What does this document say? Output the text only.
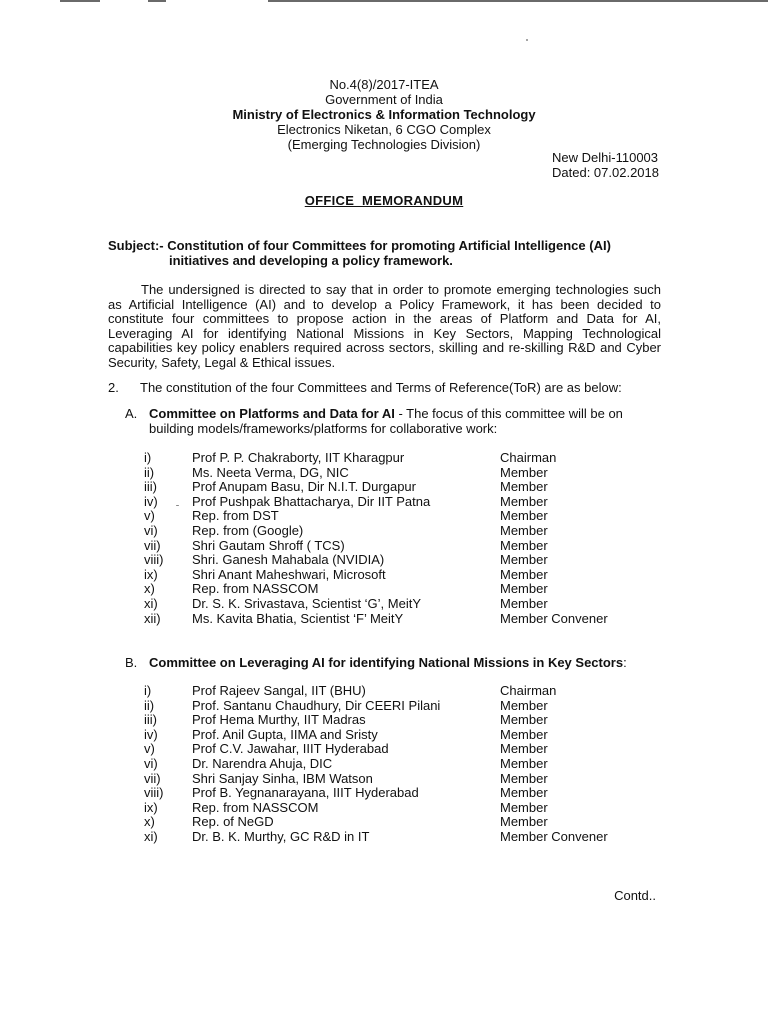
No.4(8)/2017-ITEA
Government of India
Ministry of Electronics & Information Technology
Electronics Niketan, 6 CGO Complex
(Emerging Technologies Division)
New Delhi-110003
Dated: 07.02.2018
OFFICE  MEMORANDUM
Subject:- Constitution of four Committees for promoting Artificial Intelligence (AI)
initiatives and developing a policy framework.

The undersigned is directed to say that in order to promote emerging technologies such as Artificial Intelligence (AI) and to develop a Policy Framework, it has been decided to constitute four committees to propose action in the areas of Platform and Data for AI, Leveraging AI for identifying National Missions in Key Sectors, Mapping Technological capabilities key policy enablers required across sectors, skilling and re-skilling R&D and Cyber Security, Safety, Legal & Ethical issues.

2. The constitution of the four Committees and Terms of Reference(ToR) are as below:
A. Committee on Platforms and Data for AI - The focus of this committee will be on building models/frameworks/platforms for collaborative work:
i)	Prof P. P. Chakraborty, IIT Kharagpur	Chairman
ii)	Ms. Neeta Verma, DG, NIC	Member
iii)	Prof Anupam Basu, Dir N.I.T. Durgapur	Member
iv)	Prof Pushpak Bhattacharya, Dir IIT Patna	Member
v)	Rep. from DST	Member
vi)	Rep. from (Google)	Member
vii) Shri Gautam Shroff ( TCS)	Member
viii) Shri. Ganesh Mahabala (NVIDIA)	Member
ix)	Shri Anant Maheshwari, Microsoft	Member
x)	Rep. from NASSCOM	Member
xi)	Dr. S. K. Srivastava, Scientist ‘G’, MeitY	Member
xii) Ms. Kavita Bhatia, Scientist ‘F’ MeitY	Member Convener
B. Committee on Leveraging AI for identifying National Missions in Key Sectors:
i)	Prof Rajeev Sangal, IIT (BHU)	Chairman
ii)	Prof. Santanu Chaudhury, Dir CEERI Pilani	Member
iii)	Prof Hema Murthy, IIT Madras	Member
iv)	Prof. Anil Gupta, IIMA and Sristy	Member
v)	Prof C.V. Jawahar, IIIT Hyderabad	Member
vi)	Dr. Narendra Ahuja, DIC	Member
vii) Shri Sanjay Sinha, IBM Watson	Member
viii) Prof B. Yegnanarayana, IIIT Hyderabad	Member
ix)	Rep. from NASSCOM	Member
x)	Rep. of NeGD	Member
xi)	Dr. B. K. Murthy, GC R&D in IT	Member Convener
Contd..
